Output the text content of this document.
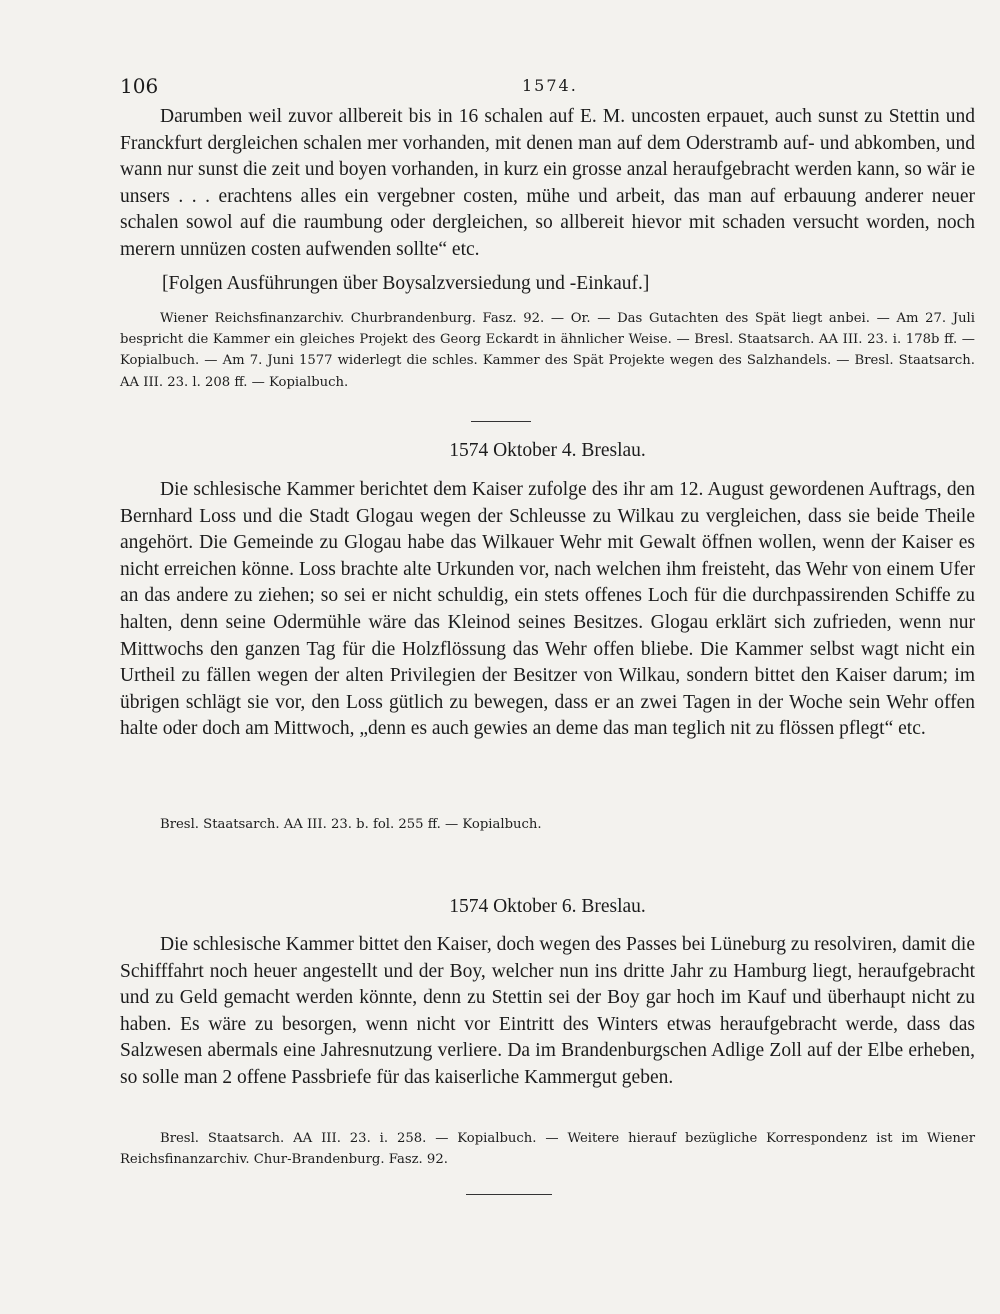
106	1574.

Darumben weil zuvor allbereit bis in 16 schalen auf E. M. uncosten erpauet, auch sunst zu Stettin und Franckfurt dergleichen schalen mer vorhanden, mit denen man auf dem Oderstramb auf- und abkomben, und wann nur sunst die zeit und boyen vorhanden, in kurz ein grosse anzal heraufgebracht werden kann, so wär ie unsers . . . erachtens alles ein vergebner costen, mühe und arbeit, das man auf erbauung anderer neuer schalen sowol auf die raumbung oder dergleichen, so allbereit hievor mit schaden versucht worden, noch merern unnüzen costen aufwenden sollte“ etc.

[Folgen Ausführungen über Boysalzversiedung und -Einkauf.]

Wiener Reichsfinanzarchiv. Churbrandenburg. Fasz. 92. — Or. — Das Gutachten des Spät liegt anbei. — Am 27. Juli bespricht die Kammer ein gleiches Projekt des Georg Eckardt in ähnlicher Weise. — Bresl. Staatsarch. AA III. 23. i. 178b ff. — Kopialbuch. — Am 7. Juni 1577 widerlegt die schles. Kammer des Spät Projekte wegen des Salzhandels. — Bresl. Staatsarch. AA III. 23. l. 208 ff. — Kopialbuch.

1574 Oktober 4. Breslau.

Die schlesische Kammer berichtet dem Kaiser zufolge des ihr am 12. August gewordenen Auftrags, den Bernhard Loss und die Stadt Glogau wegen der Schleusse zu Wilkau zu vergleichen, dass sie beide Theile angehört. Die Gemeinde zu Glogau habe das Wilkauer Wehr mit Gewalt öffnen wollen, wenn der Kaiser es nicht erreichen könne. Loss brachte alte Urkunden vor, nach welchen ihm freisteht, das Wehr von einem Ufer an das andere zu ziehen; so sei er nicht schuldig, ein stets offenes Loch für die durchpassirenden Schiffe zu halten, denn seine Odermühle wäre das Kleinod seines Besitzes. Glogau erklärt sich zufrieden, wenn nur Mittwochs den ganzen Tag für die Holzflössung das Wehr offen bliebe. Die Kammer selbst wagt nicht ein Urtheil zu fällen wegen der alten Privilegien der Besitzer von Wilkau, sondern bittet den Kaiser darum; im übrigen schlägt sie vor, den Loss gütlich zu bewegen, dass er an zwei Tagen in der Woche sein Wehr offen halte oder doch am Mittwoch, „denn es auch gewies an deme das man teglich nit zu flössen pflegt“ etc.

Bresl. Staatsarch. AA III. 23. b. fol. 255 ff. — Kopialbuch.

1574 Oktober 6. Breslau.

Die schlesische Kammer bittet den Kaiser, doch wegen des Passes bei Lüneburg zu resolviren, damit die Schifffahrt noch heuer angestellt und der Boy, welcher nun ins dritte Jahr zu Hamburg liegt, heraufgebracht und zu Geld gemacht werden könnte, denn zu Stettin sei der Boy gar hoch im Kauf und überhaupt nicht zu haben. Es wäre zu besorgen, wenn nicht vor Eintritt des Winters etwas heraufgebracht werde, dass das Salzwesen abermals eine Jahresnutzung verliere. Da im Brandenburgschen Adlige Zoll auf der Elbe erheben, so solle man 2 offene Passbriefe für das kaiserliche Kammergut geben.

Bresl. Staatsarch. AA III. 23. i. 258. — Kopialbuch. — Weitere hierauf bezügliche Korrespondenz ist im Wiener Reichsfinanzarchiv. Chur-Brandenburg. Fasz. 92.
